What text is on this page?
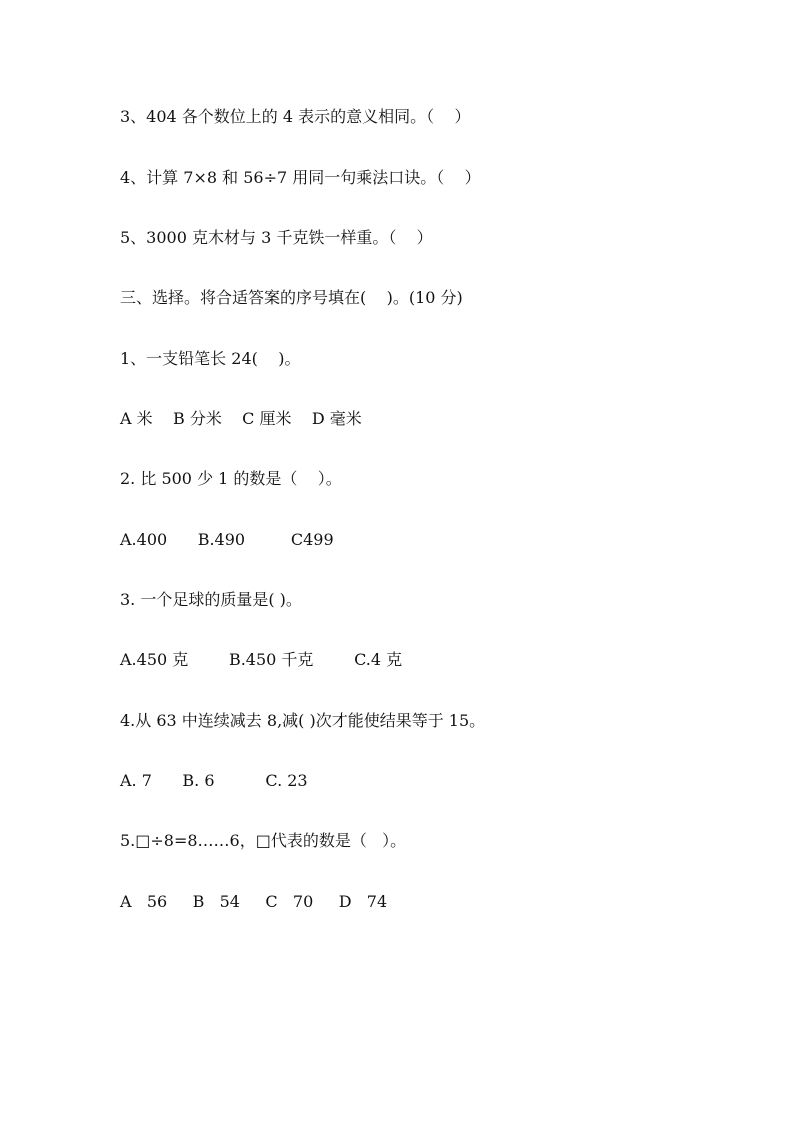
3、404 各个数位上的 4 表示的意义相同。（    ）
4、计算 7×8 和 56÷7 用同一句乘法口诀。（    ）
5、3000 克木材与 3 千克铁一样重。（    ）
三、选择。将合适答案的序号填在(    )。(10 分)
1、一支铅笔长 24(    )。
A 米    B 分米    C 厘米    D 毫米
2. 比 500 少 1 的数是（    ）。
A.400      B.490         C499
3. 一个足球的质量是( )。
A.450 克        B.450 千克        C.4 克
4.从 63 中连续减去 8,减( )次才能使结果等于 15。
A. 7      B. 6          C. 23
5.□÷8=8……6，□代表的数是（   ）。
A   56     B   54     C   70     D   74
